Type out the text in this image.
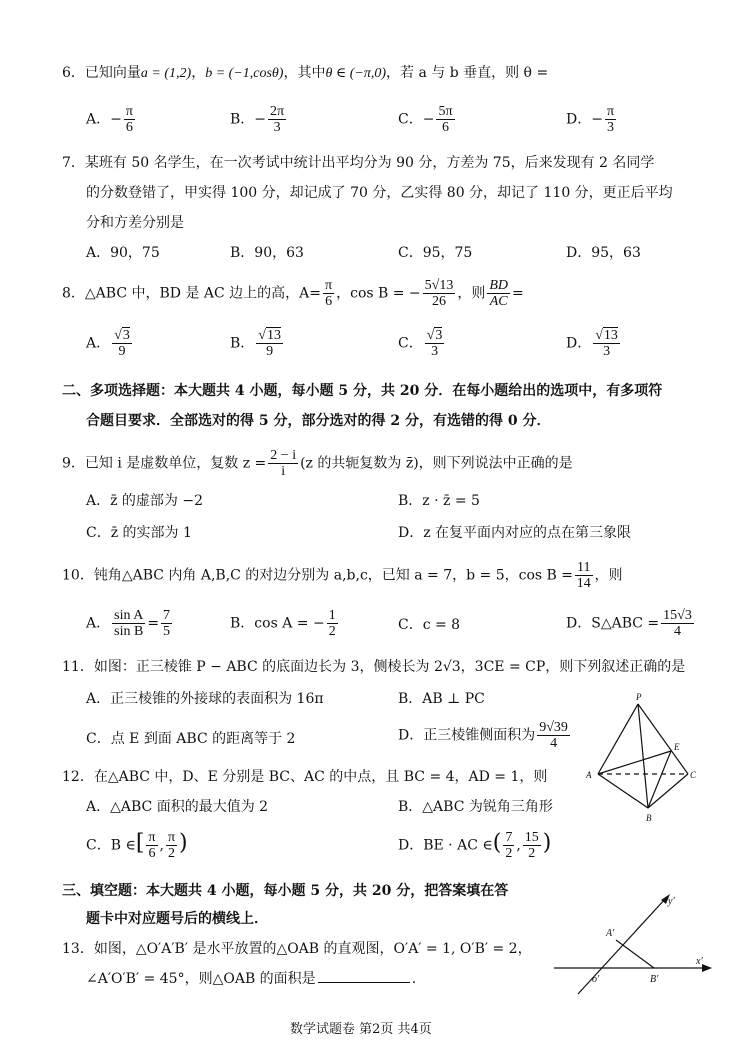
6．已知向量a = (1,2)，b = (−1,cosθ)，其中θ ∈ (−π,0)，若 a 与 b 垂直，则 θ =
A．− $\frac{\pi}{6}$	B．− $\frac{2\pi}{3}$	C．− $\frac{5\pi}{6}$	D．− $\frac{\pi}{3}$
7．某班有 50 名学生，在一次考试中统计出平均分为 90 分，方差为 75，后来发现有 2 名同学
的分数登错了，甲实得 100 分，却记成了 70 分，乙实得 80 分，却记了 110 分，更正后平均
分和方差分别是
A．90，75	B．90，63	C．95，75	D．95，63
8．△ABC 中，BD 是 AC 边上的高，$A= \frac{\pi}{6}$ ，cos B = − $\frac{5√13}{26}$ ，则 $\frac{BD}{AC}$ =
A． $\frac{√3}{9}$	B． $\frac{√13}{9}$	C． $\frac{√3}{3}$	D． $\frac{√13}{3}$
二、多项选择题：本大题共 4 小题，每小题 5 分，共 20 分．在每小题给出的选项中，有多项符
合题目要求．全部选对的得 5 分，部分选对的得 2 分，有选错的得 0 分．
9．已知 i 是虚数单位，复数 $z = \frac{2 - i}{i} (z$ 的共轭复数为 z̄)，则下列说法中正确的是
A．z̄ 的虚部为 −2	B．z · z̄ = 5
C．z̄ 的实部为 1	D．z 在复平面内对应的点在第三象限
10．钝角△ABC 内角 A,B,C 的对边分别为 a,b,c，已知 a = 7，b = 5，$\cos B = \frac{11}{14}$ ，则
A． $\frac{\text{sin A}}{\text{sin B}} = \frac{7}{5}$	B．cos A = − $\frac{1}{2}$	C．c = 8	D．S△ABC = $\frac{15√3}{4}$
11．如图：正三棱锥 P − ABC 的底面边长为 3，侧棱长为 2√3，3CE = CP，则下列叙述正确的是
A．正三棱锥的外接球的表面积为 16π	B．AB ⊥ PC
C．点 E 到面 ABC 的距离等于 2	D．正三棱锥侧面积为 $\frac{9√39}{4}$
P
E
A	C
B
12．在△ABC 中，D、E 分别是 BC、AC 的中点，且 BC = 4，AD = 1，则
A．△ABC 面积的最大值为 2	B．△ABC 为锐角三角形
C．B ∈[ $\frac{\pi}{6}$ , $\frac{\pi}{2}$ )	D．BE · AC ∈( $\frac{7}{2}$ , $\frac{15}{2}$ )
三、填空题：本大题共 4 小题，每小题 5 分，共 20 分，把答案填在答
题卡中对应题号后的横线上．
13．如图，△O′A′B′ 是水平放置的△OAB 的直观图，O′A′ = 1, O′B′ = 2，
∠A′O′B′ = 45°，则△OAB 的面积是	.
y′
A′
o′	B′
x′
数学试题卷 第2页 共4页
